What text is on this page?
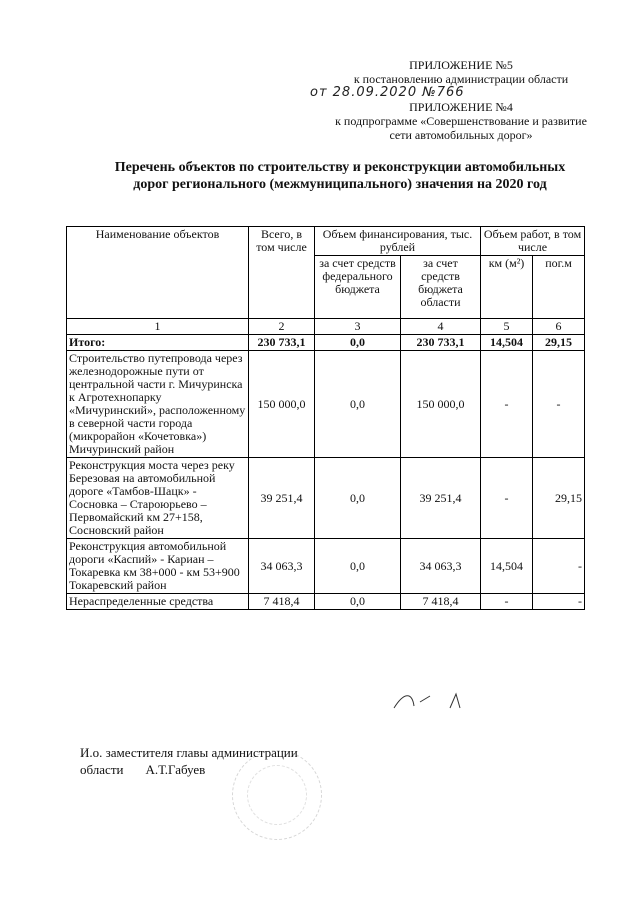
ПРИЛОЖЕНИЕ №5
к постановлению администрации области
от 28.09.2020 №766
ПРИЛОЖЕНИЕ №4
к подпрограмме «Совершенствование и развитие
сети автомобильных дорог»
Перечень объектов по строительству и реконструкции автомобильных
дорог регионального (межмуниципального) значения на 2020 год
Наименование объектов	Всего, в том числе	Объем финансирования, тыс. рублей		Объем работ, в том числе	
		за счет средств федерального бюджета	за счет средств бюджета области	км (м²)	пог.м
1	2	3	4	5	6
Итого:	230 733,1	0,0	230 733,1	14,504	29,15
Строительство путепровода через железнодорожные пути от центральной части г. Мичуринска к Агротехнопарку «Мичуринский», расположенному в северной части города (микрорайон «Кочетовка») Мичуринский район	150 000,0	0,0	150 000,0	-	-
Реконструкция моста через реку Березовая на автомобильной дороге «Тамбов-Шацк» - Сосновка – Староюрьево –Первомайский км 27+158, Сосновский район	39 251,4	0,0	39 251,4	-	29,15
Реконструкция автомобильной дороги «Каспий» - Кариан – Токаревка км 38+000 - км 53+900 Токаревский район	34 063,3	0,0	34 063,3	14,504	-
Нераспределенные средства	7 418,4	0,0	7 418,4	-	-
И.о. заместителя главы администрации
области А.Т.Габуев
